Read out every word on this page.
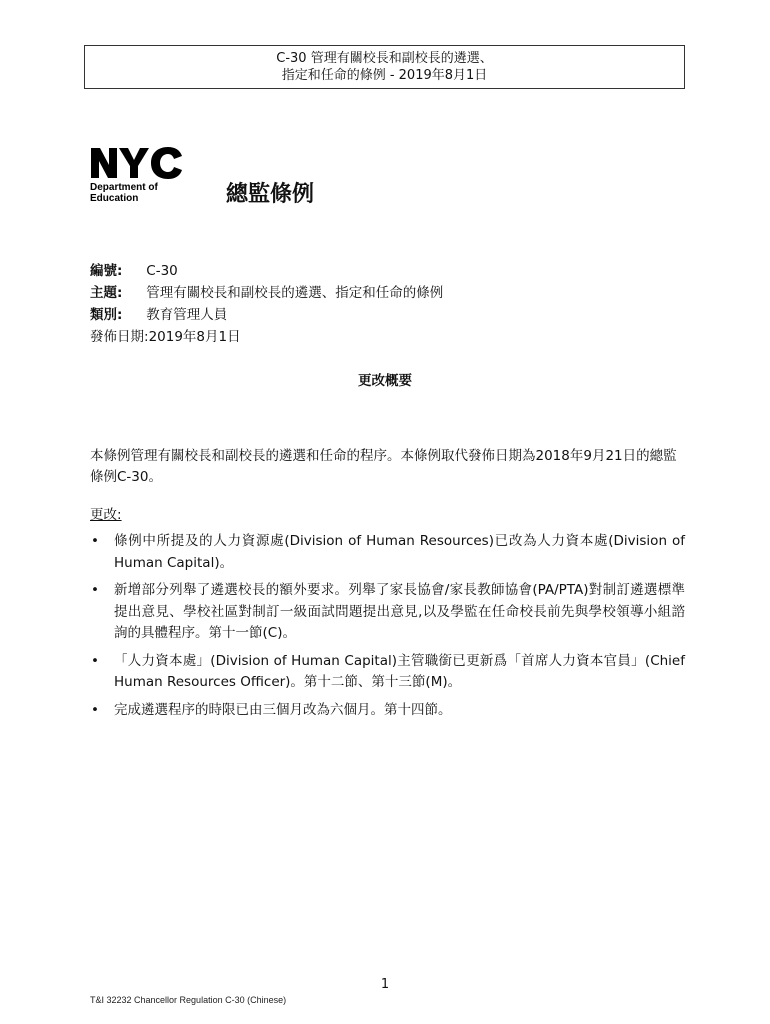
C-30 管理有關校長和副校長的遴選、
指定和任命的條例 - 2019年8月1日
Department of
Education	總監條例
編號: C-30
主題: 管理有關校長和副校長的遴選、指定和任命的條例
類別: 教育管理人員
發佈日期:2019年8月1日
更改概要
本條例管理有關校長和副校長的遴選和任命的程序。本條例取代發佈日期為2018年9月21日的總監條例C-30。
更改:
• 條例中所提及的人力資源處(Division of Human Resources)已改為人力資本處(Division of Human Capital)。
• 新增部分列舉了遴選校長的額外要求。列舉了家長協會/家長教師協會(PA/PTA)對制訂遴選標準提出意見、學校社區對制訂一級面試問題提出意見,以及學監在任命校長前先與學校領導小組諮詢的具體程序。第十一節(C)。
• 「人力資本處」(Division of Human Capital)主管職銜已更新爲「首席人力資本官員」(Chief Human Resources Officer)。第十二節、第十三節(M)。
• 完成遴選程序的時限已由三個月改為六個月。第十四節。
1
T&I 32232 Chancellor Regulation C-30 (Chinese)
